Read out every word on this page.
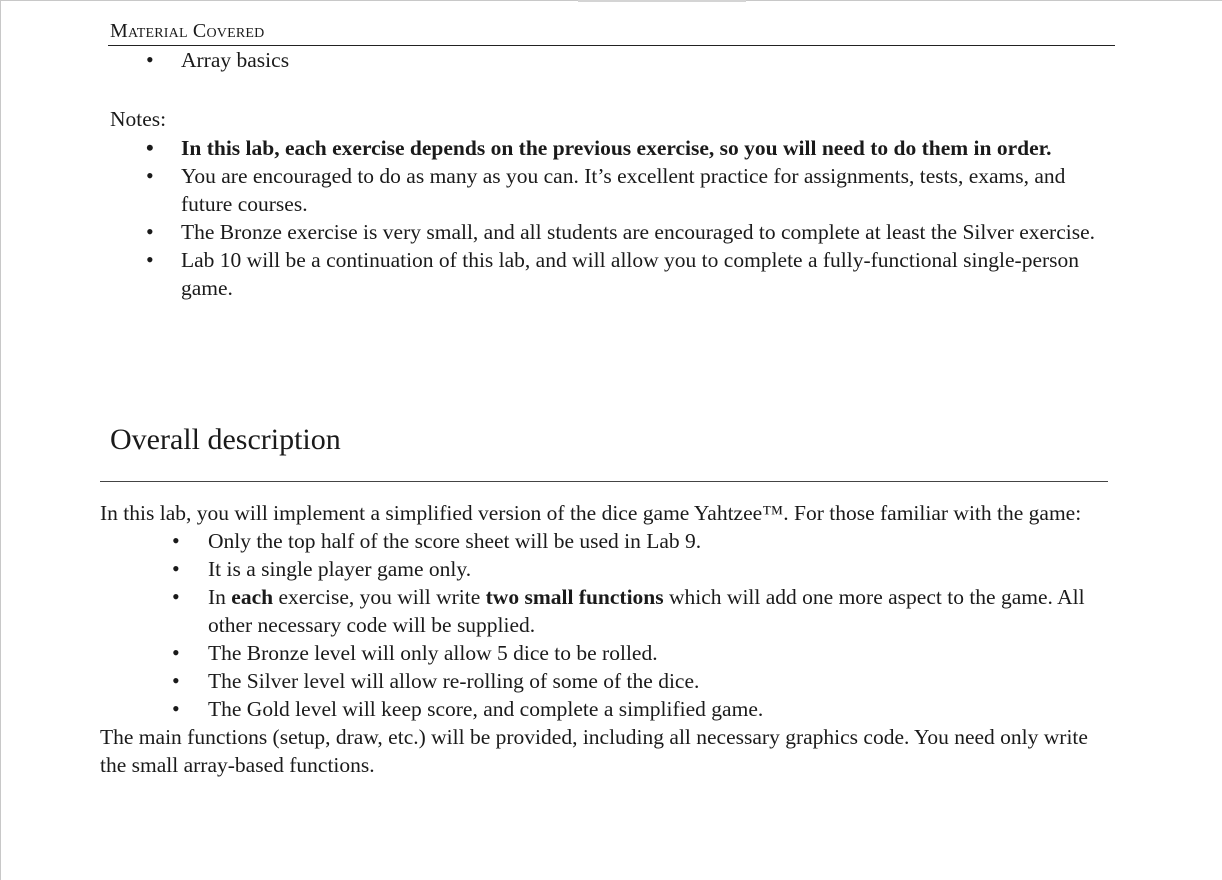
Material Covered
• Array basics
Notes:
• In this lab, each exercise depends on the previous exercise, so you will need to do them in order.
• You are encouraged to do as many as you can. It’s excellent practice for assignments, tests, exams, and future courses.
• The Bronze exercise is very small, and all students are encouraged to complete at least the Silver exercise.
• Lab 10 will be a continuation of this lab, and will allow you to complete a fully-functional single-person game.
Overall description

In this lab, you will implement a simplified version of the dice game Yahtzee™. For those familiar with the game:

• Only the top half of the score sheet will be used in Lab 9.
• It is a single player game only.
• In each exercise, you will write two small functions which will add one more aspect to the game. All other necessary code will be supplied.
• The Bronze level will only allow 5 dice to be rolled.
• The Silver level will allow re-rolling of some of the dice.
• The Gold level will keep score, and complete a simplified game.

The main functions (setup, draw, etc.) will be provided, including all necessary graphics code. You need only write the small array-based functions.
